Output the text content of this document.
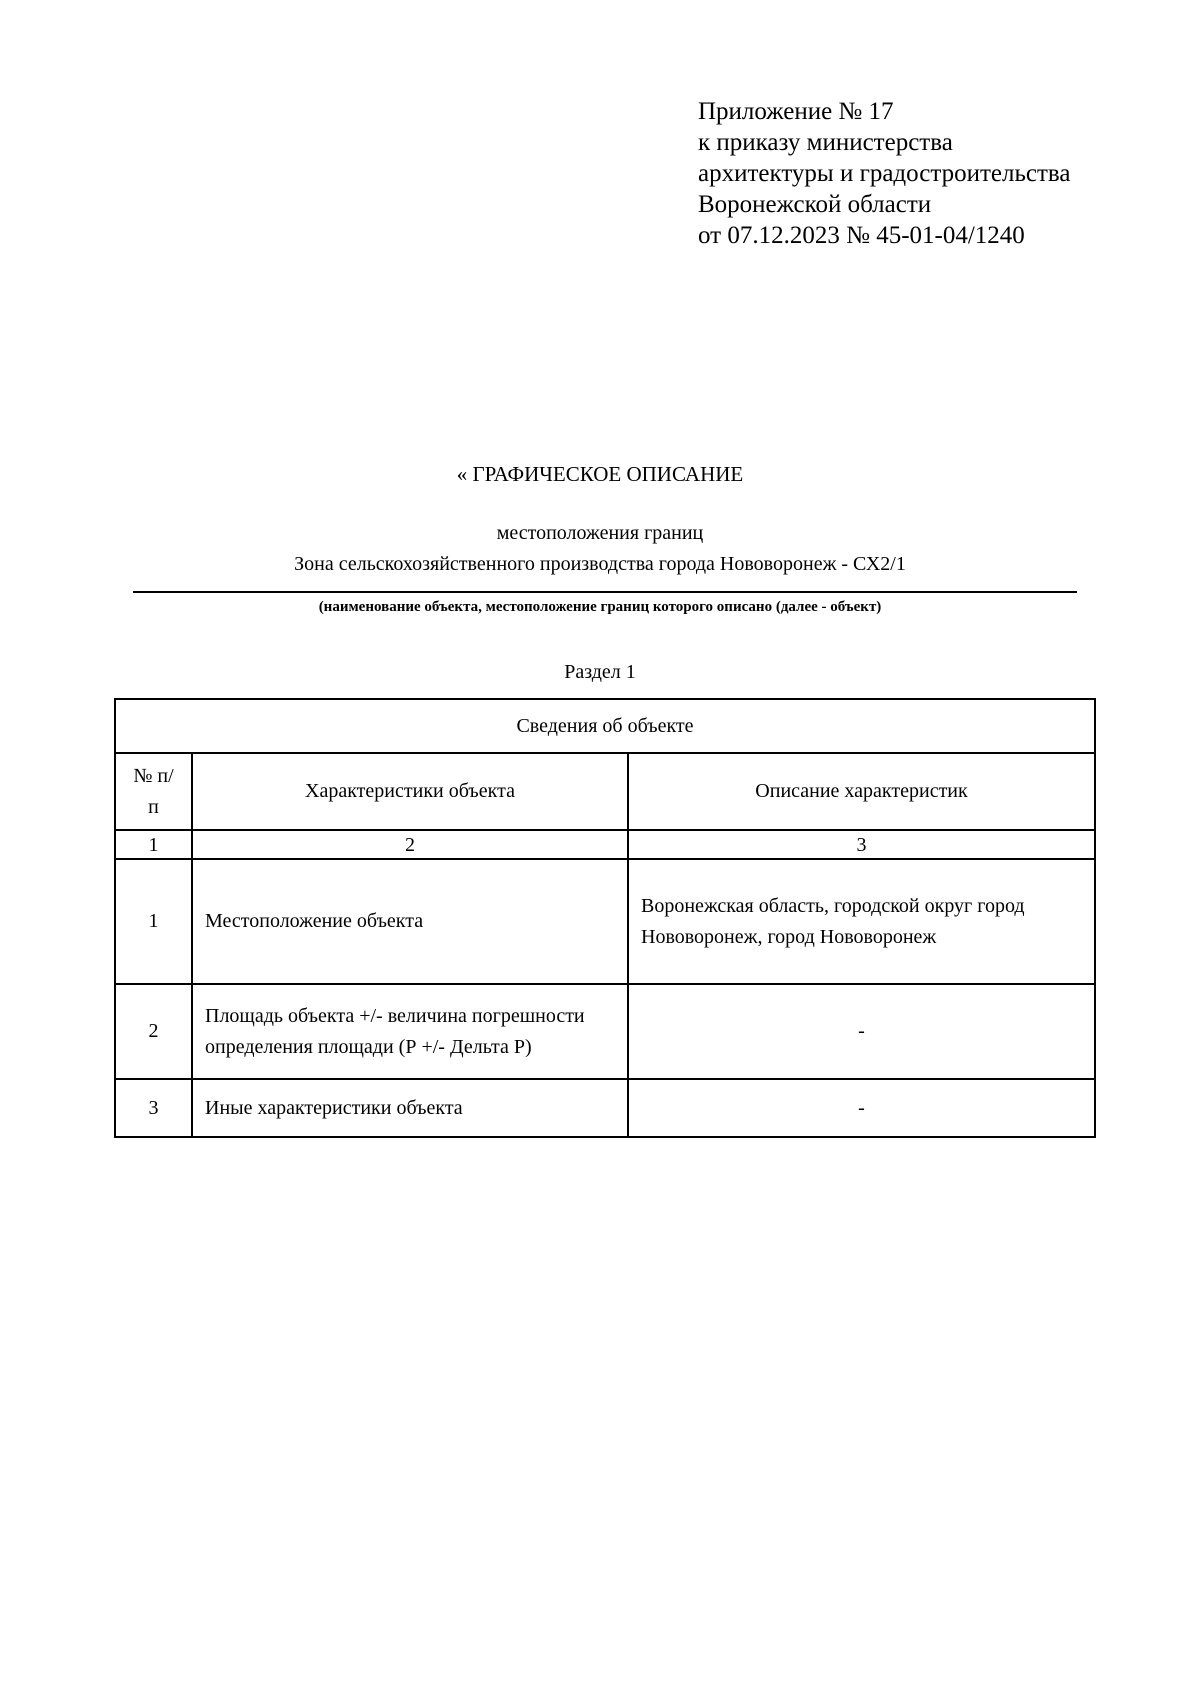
Приложение № 17
к приказу министерства
архитектуры и градостроительства
Воронежской области
от 07.12.2023 № 45-01-04/1240
« ГРАФИЧЕСКОЕ ОПИСАНИЕ
местоположения границ
Зона сельскохозяйственного производства города Нововоронеж - СХ2/1
(наименование объекта, местоположение границ которого описано (далее - объект)
Раздел 1
Сведения об объекте		
№ п/п	Характеристики объекта	Описание характеристик
1	2	3
1	Местоположение объекта	Воронежская область, городской округ город Нововоронеж, город Нововоронеж
2	Площадь объекта +/- величина погрешности определения площади (Р +/- Дельта Р)	-
3	Иные характеристики объекта	-
